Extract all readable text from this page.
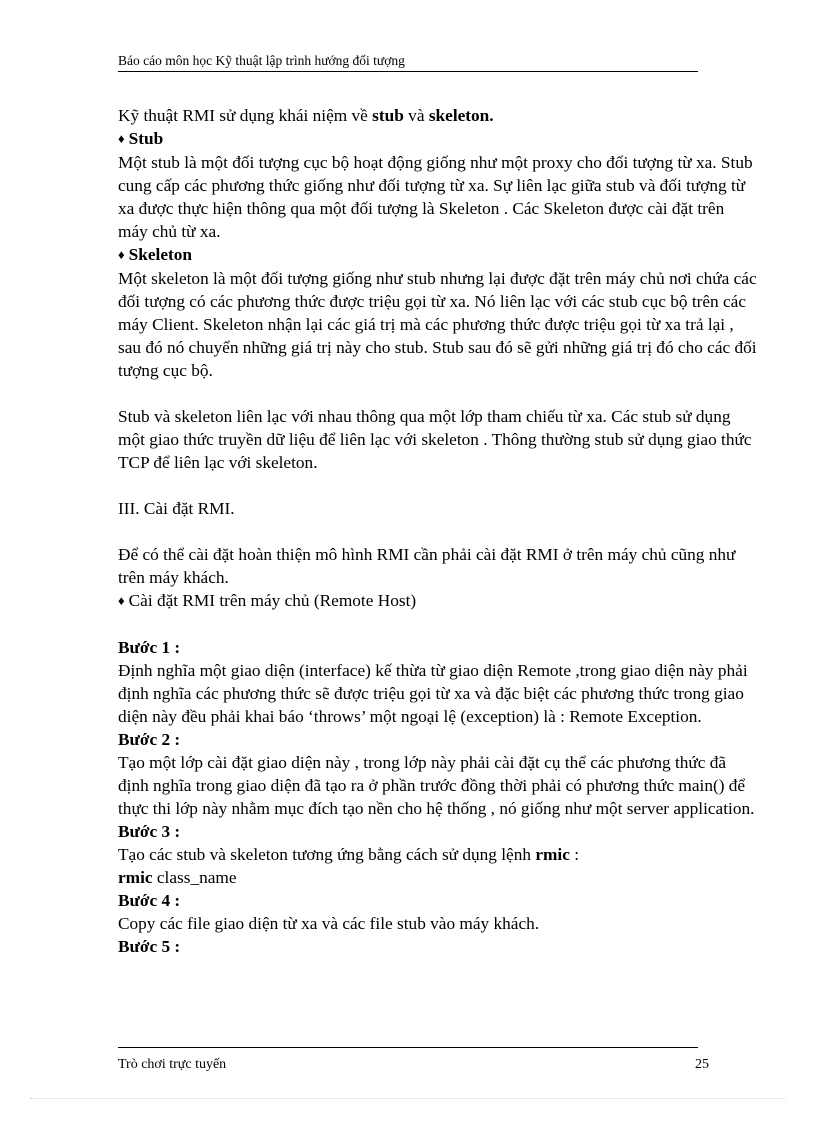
Báo cáo môn học Kỹ thuật lập trình hướng đối tượng

Kỹ thuật RMI sử dụng khái niệm về stub và skeleton.

♦ Stub

Một stub là một đối tượng cục bộ hoạt động giống như một proxy cho đối tượng từ xa. Stub cung cấp các phương thức giống như đối tượng từ xa. Sự liên lạc giữa stub và đối tượng từ xa được thực hiện thông qua một đối tượng là Skeleton . Các Skeleton được cài đặt trên máy chủ từ xa.

♦ Skeleton

Một skeleton là một đối tượng giống như stub nhưng lại được đặt trên máy chủ nơi chứa các đối tượng có các phương thức được triệu gọi từ xa. Nó liên lạc với các stub cục bộ trên các máy Client. Skeleton nhận lại các giá trị mà các phương thức được triệu gọi từ xa trả lại , sau đó nó chuyển những giá trị này cho stub. Stub sau đó sẽ gửi những giá trị đó cho các đối tượng cục bộ.

Stub và skeleton liên lạc với nhau thông qua một lớp tham chiếu từ xa. Các stub sử dụng một giao thức truyền dữ liệu để liên lạc với skeleton . Thông thường stub sử dụng giao thức TCP để liên lạc với skeleton.

III. Cài đặt RMI.

Để có thể cài đặt hoàn thiện mô hình RMI cần phải cài đặt RMI ở trên máy chủ cũng như trên máy khách.

♦ Cài đặt RMI trên máy chủ (Remote Host)

Bước 1 :

Định nghĩa một giao diện (interface) kế thừa từ giao diện Remote ,trong giao diện này phải định nghĩa các phương thức sẽ được triệu gọi từ xa và đặc biệt các phương thức trong giao diện này đều phải khai báo ‘throws’ một ngoại lệ (exception) là : Remote Exception.

Bước 2 :

Tạo một lớp cài đặt giao diện này , trong lớp này phải cài đặt cụ thể các phương thức đã định nghĩa trong giao diện đã tạo ra ở phần trước đồng thời phải có phương thức main() để thực thi lớp này nhằm mục đích tạo nền cho hệ thống , nó giống như một server application.

Bước 3 :

Tạo các stub và skeleton tương ứng bằng cách sử dụng lệnh rmic :

rmic class_name

Bước 4 :

Copy các file giao diện từ xa và các file stub vào máy khách.

Bước 5 :

Trò chơi trực tuyến	25
